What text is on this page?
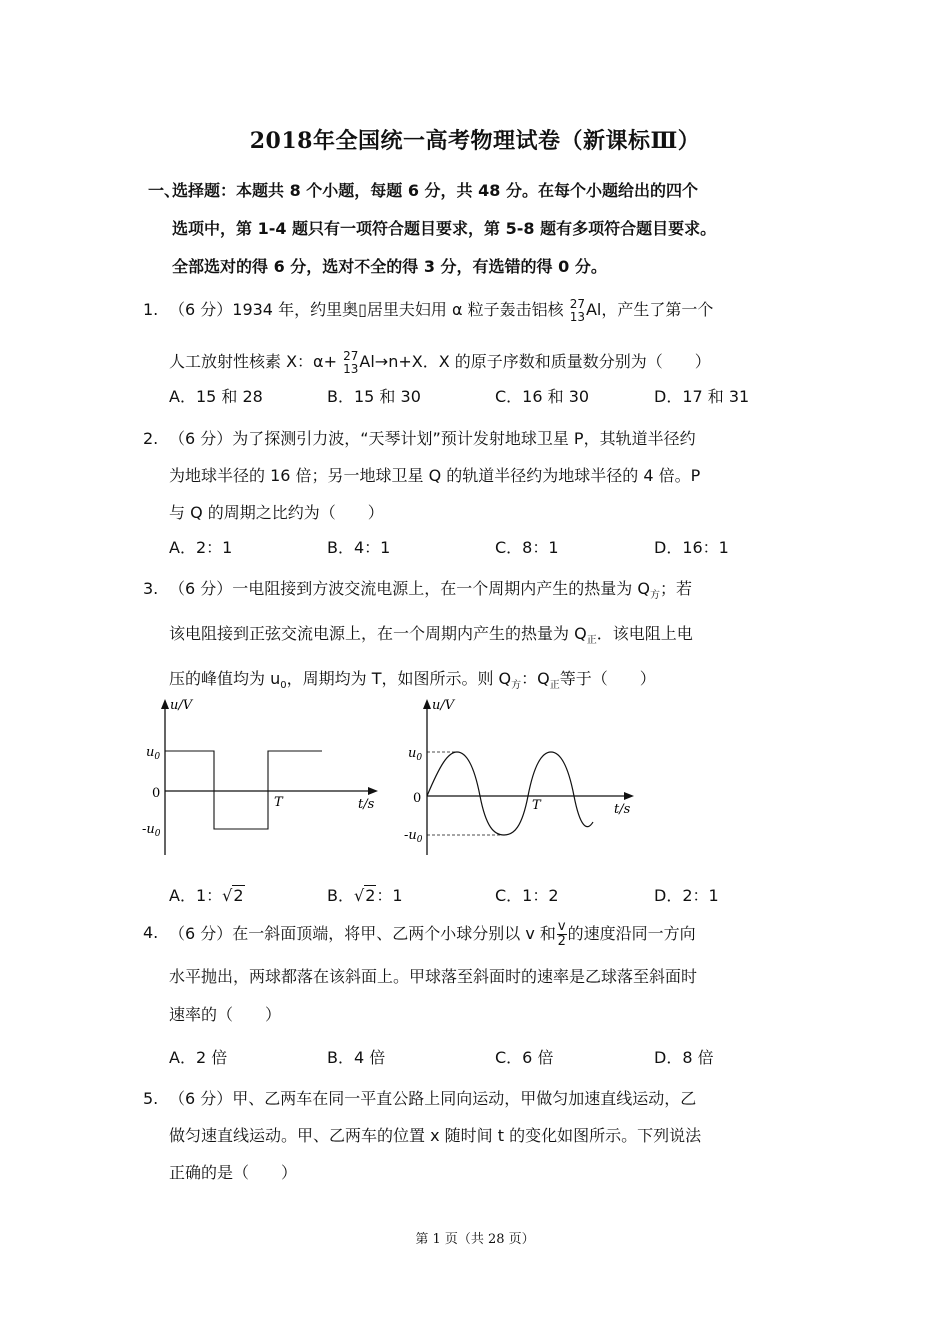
2018年全国统一高考物理试卷（新课标Ⅲ）
一、
选择题：本题共 8 个小题，每题 6 分，共 48 分。在每个小题给出的四个
选项中，第 1-4 题只有一项符合题目要求，第 5-8 题有多项符合题目要求。
全部选对的得 6 分，选对不全的得 3 分，有选错的得 0 分。
1. （6 分）1934 年，约里奥▯居里夫妇用 α 粒子轰击铝核 27
13 Al，产生了第一个
人工放射性核素 X：α+ 27
13 Al→n+X．X 的原子序数和质量数分别为（　　）
A．15 和 28	B．15 和 30	C．16 和 30	D．17 和 31
2. （6 分）为了探测引力波，“天琴计划”预计发射地球卫星 P，其轨道半径约
为地球半径的 16 倍；另一地球卫星 Q 的轨道半径约为地球半径的 4 倍。P
与 Q 的周期之比约为（　　）
A．2：1	B．4：1	C．8：1	D．16：1
3. （6 分）一电阻接到方波交流电源上，在一个周期内产生的热量为 $Q_方$；若
该电阻接到正弦交流电源上，在一个周期内产生的热量为 $Q_正$．该电阻上电
压的峰值均为 $u_0$，周期均为 T，如图所示。则 $Q_方$：$Q_正$等于（　　）
u/V
$u_0$
0
$-u_0$
T	t/s
u/V
$u_0$
0
$-u_0$
T	t/s
A．1：√2	B．√2：1	C．1：2	D．2：1
4. （6 分）在一斜面顶端，将甲、乙两个小球分别以 v 和 $\frac{v}{2}$ 的速度沿同一方向
水平抛出，两球都落在该斜面上。甲球落至斜面时的速率是乙球落至斜面时
速率的（　　）
A．2 倍	B．4 倍	C．6 倍	D．8 倍
5. （6 分）甲、乙两车在同一平直公路上同向运动，甲做匀加速直线运动，乙
做匀速直线运动。甲、乙两车的位置 x 随时间 t 的变化如图所示。下列说法
正确的是（　　）
第 1 页（共 28 页）
